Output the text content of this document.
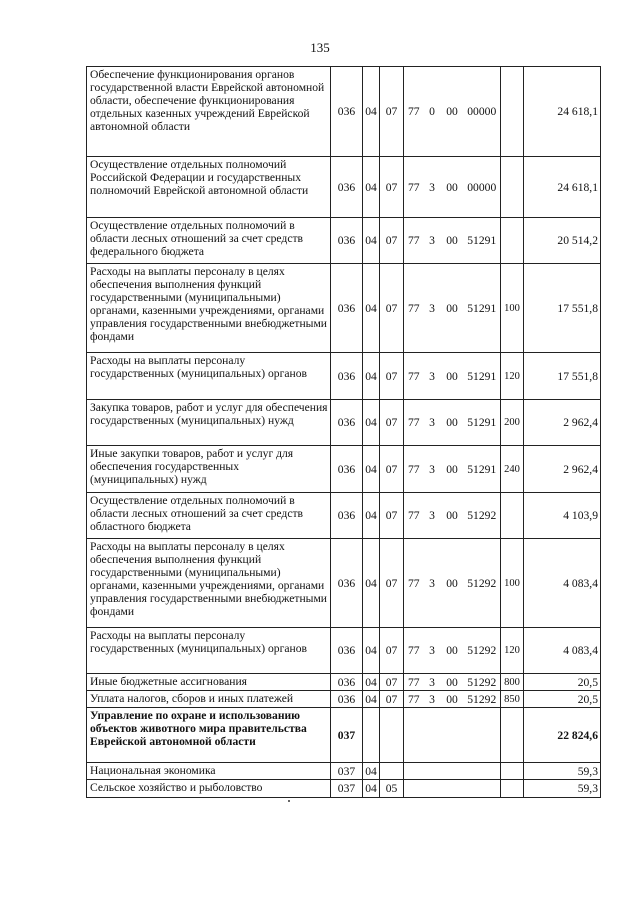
135
Обеспечение функционирования органов государственной власти Еврейской автономной области, обеспечение функционирования отдельных казенных учреждений Еврейской автономной области	036	04	07	77	0	00	00000		24 618,1
Осуществление отдельных полномочий Российской Федерации и государственных полномочий Еврейской автономной области	036	04	07	77	3	00	00000		24 618,1
Осуществление отдельных полномочий в области лесных отношений за счет средств федерального бюджета	036	04	07	77	3	00	51291		20 514,2
Расходы на выплаты персоналу в целях обеспечения выполнения функций государственными (муниципальными) органами, казенными учреждениями, органами управления государственными внебюджетными фондами	036	04	07	77	3	00	51291	100	17 551,8
Расходы на выплаты персоналу государственных (муниципальных) органов	036	04	07	77	3	00	51291	120	17 551,8
Закупка товаров, работ и услуг для обеспечения государственных (муниципальных) нужд	036	04	07	77	3	00	51291	200	2 962,4
Иные закупки товаров, работ и услуг для обеспечения государственных (муниципальных) нужд	036	04	07	77	3	00	51291	240	2 962,4
Осуществление отдельных полномочий в области лесных отношений за счет средств областного бюджета	036	04	07	77	3	00	51292		4 103,9
Расходы на выплаты персоналу в целях обеспечения выполнения функций государственными (муниципальными) органами, казенными учреждениями, органами управления государственными внебюджетными фондами	036	04	07	77	3	00	51292	100	4 083,4
Расходы на выплаты персоналу государственных (муниципальных) органов	036	04	07	77	3	00	51292	120	4 083,4
Иные бюджетные ассигнования	036	04	07	77	3	00	51292	800	20,5
Уплата налогов, сборов и иных платежей	036	04	07	77	3	00	51292	850	20,5
Управление по охране и использованию объектов животного мира правительства Еврейской автономной области	037								22 824,6
Национальная экономика	037	04							59,3
Сельское хозяйство и рыболовство	037	04	05						59,3
